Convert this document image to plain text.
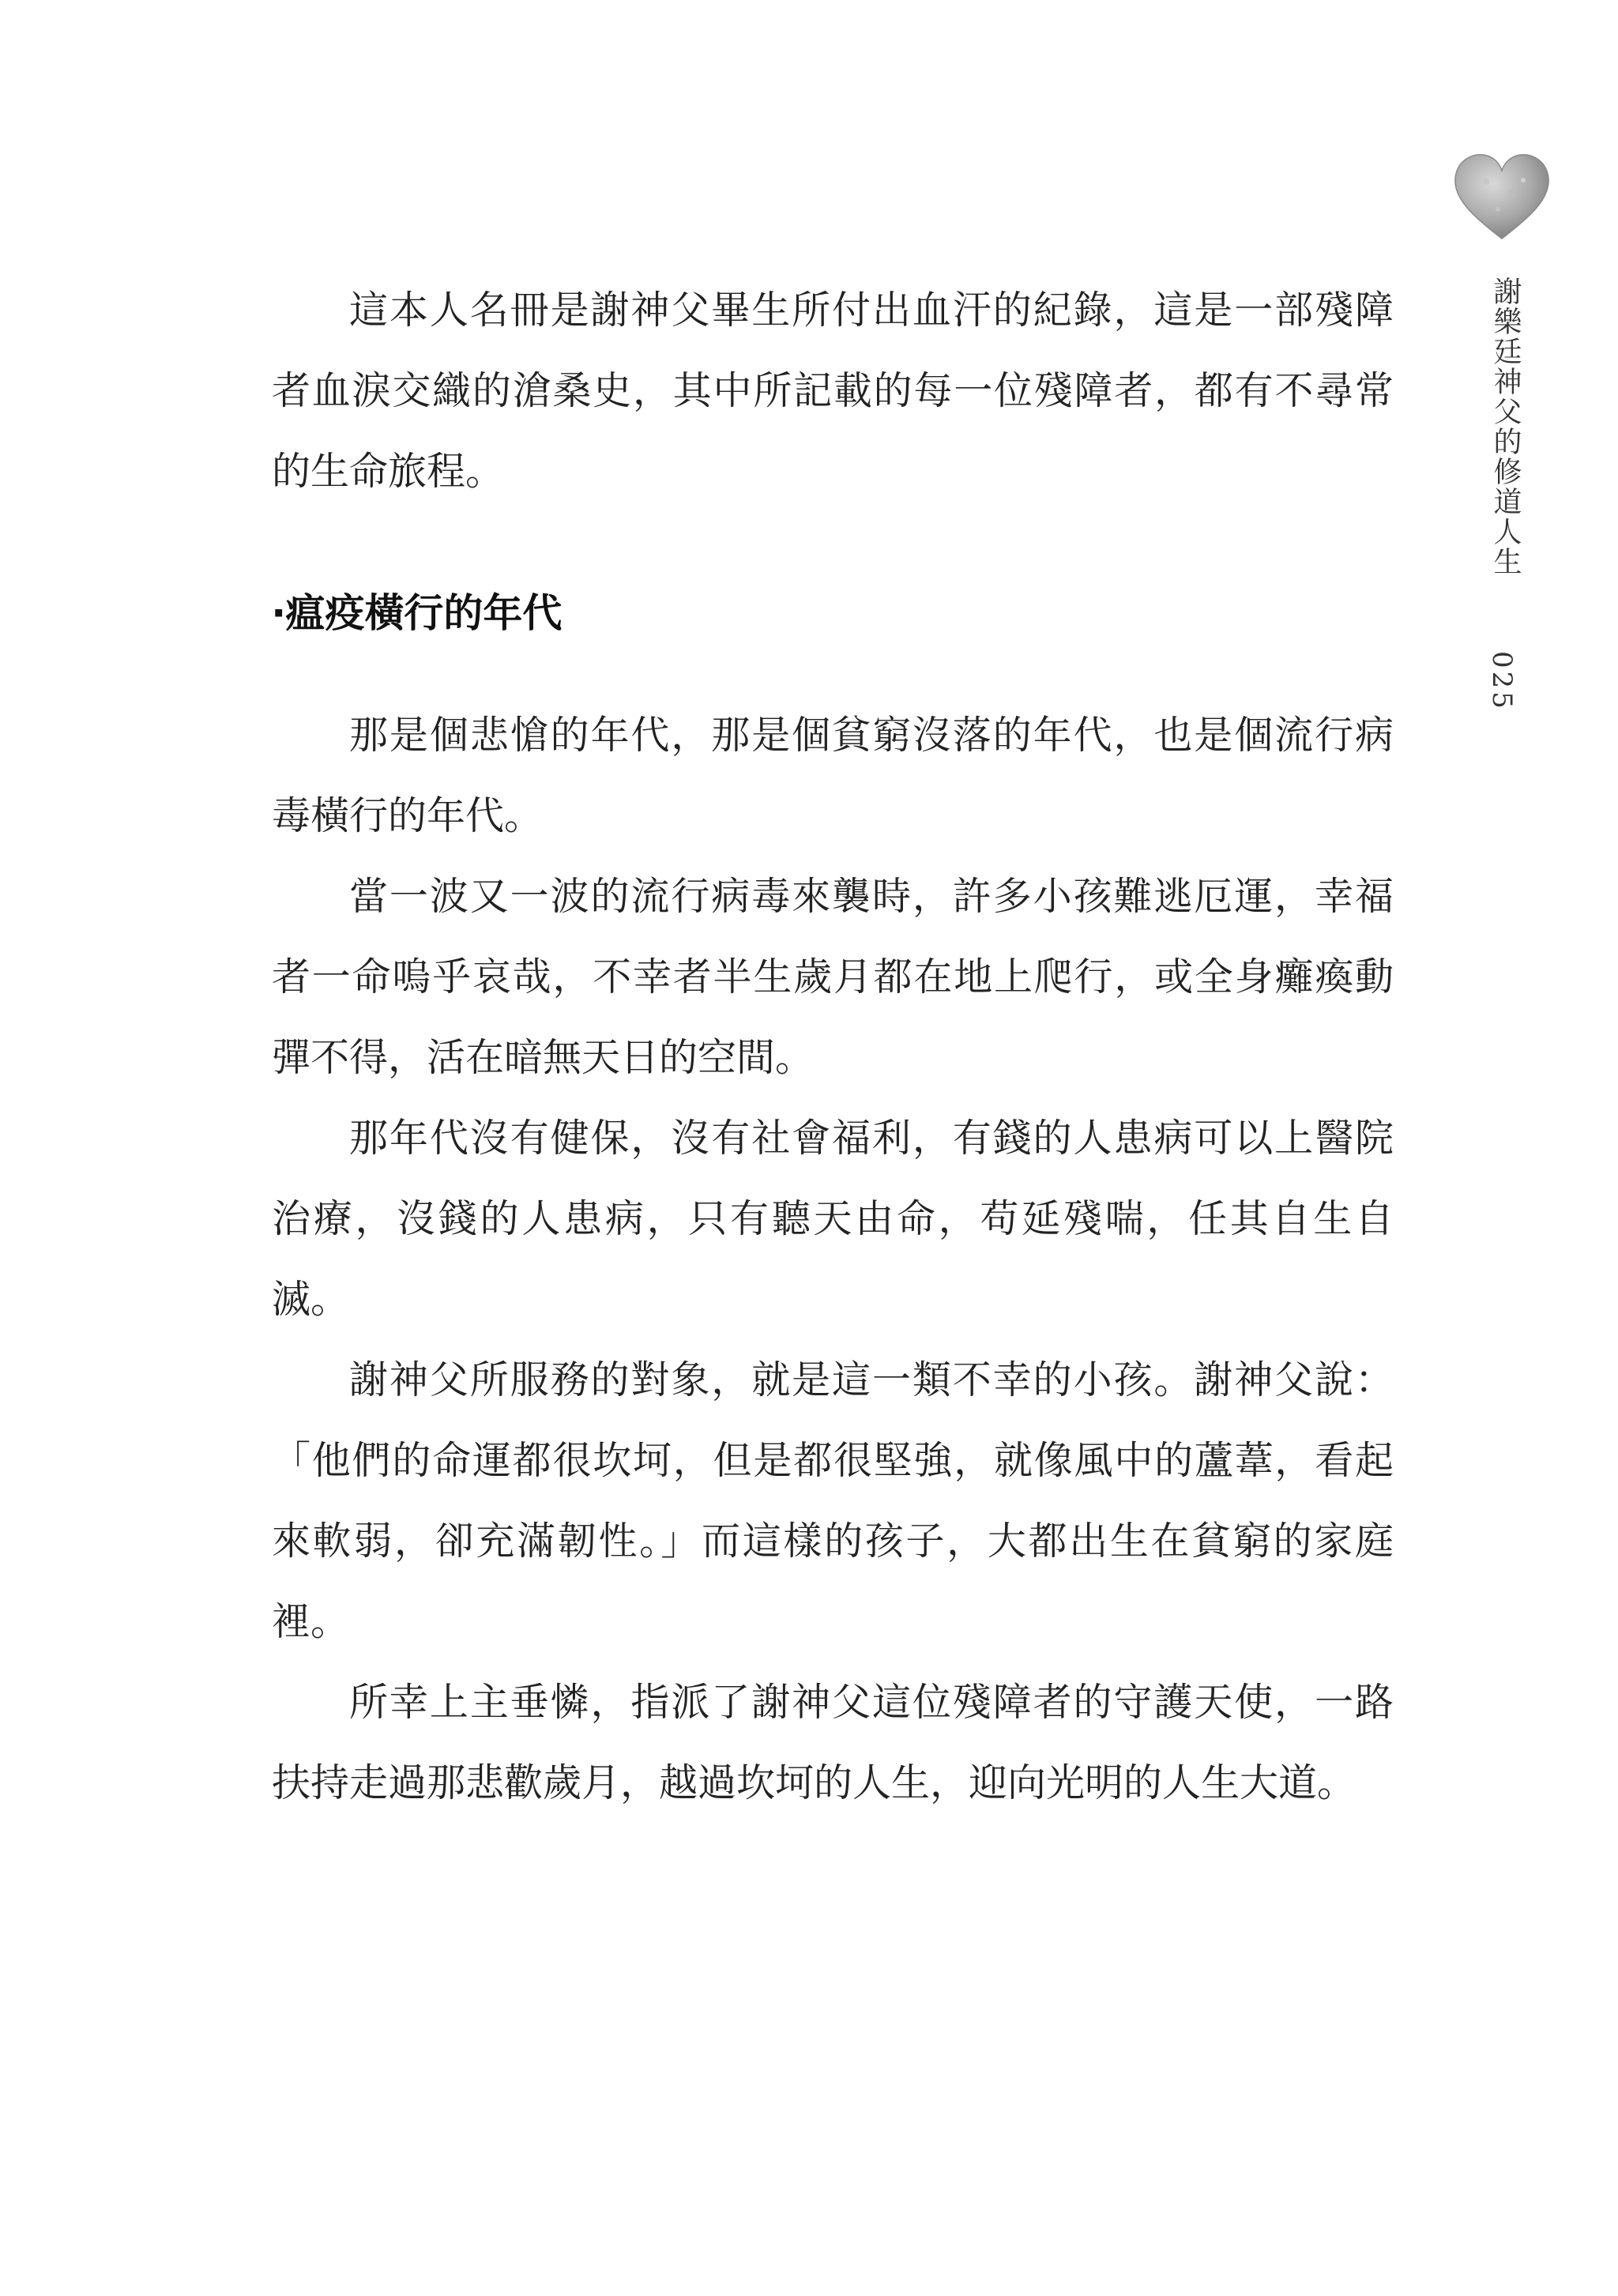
謝樂廷神父的修道人生
025

這本人名冊是謝神父畢生所付出血汗的紀錄，這是一部殘障者血淚交織的滄桑史，其中所記載的每一位殘障者，都有不尋常的生命旅程。

‧瘟疫橫行的年代

那是個悲愴的年代，那是個貧窮沒落的年代，也是個流行病毒橫行的年代。

當一波又一波的流行病毒來襲時，許多小孩難逃厄運，幸福者一命嗚乎哀哉，不幸者半生歲月都在地上爬行，或全身癱瘓動彈不得，活在暗無天日的空間。

那年代沒有健保，沒有社會福利，有錢的人患病可以上醫院治療，沒錢的人患病，只有聽天由命，苟延殘喘，任其自生自滅。

謝神父所服務的對象，就是這一類不幸的小孩。謝神父說：「他們的命運都很坎坷，但是都很堅強，就像風中的蘆葦，看起來軟弱，卻充滿韌性。」而這樣的孩子，大都出生在貧窮的家庭裡。

所幸上主垂憐，指派了謝神父這位殘障者的守護天使，一路扶持走過那悲歡歲月，越過坎坷的人生，迎向光明的人生大道。
